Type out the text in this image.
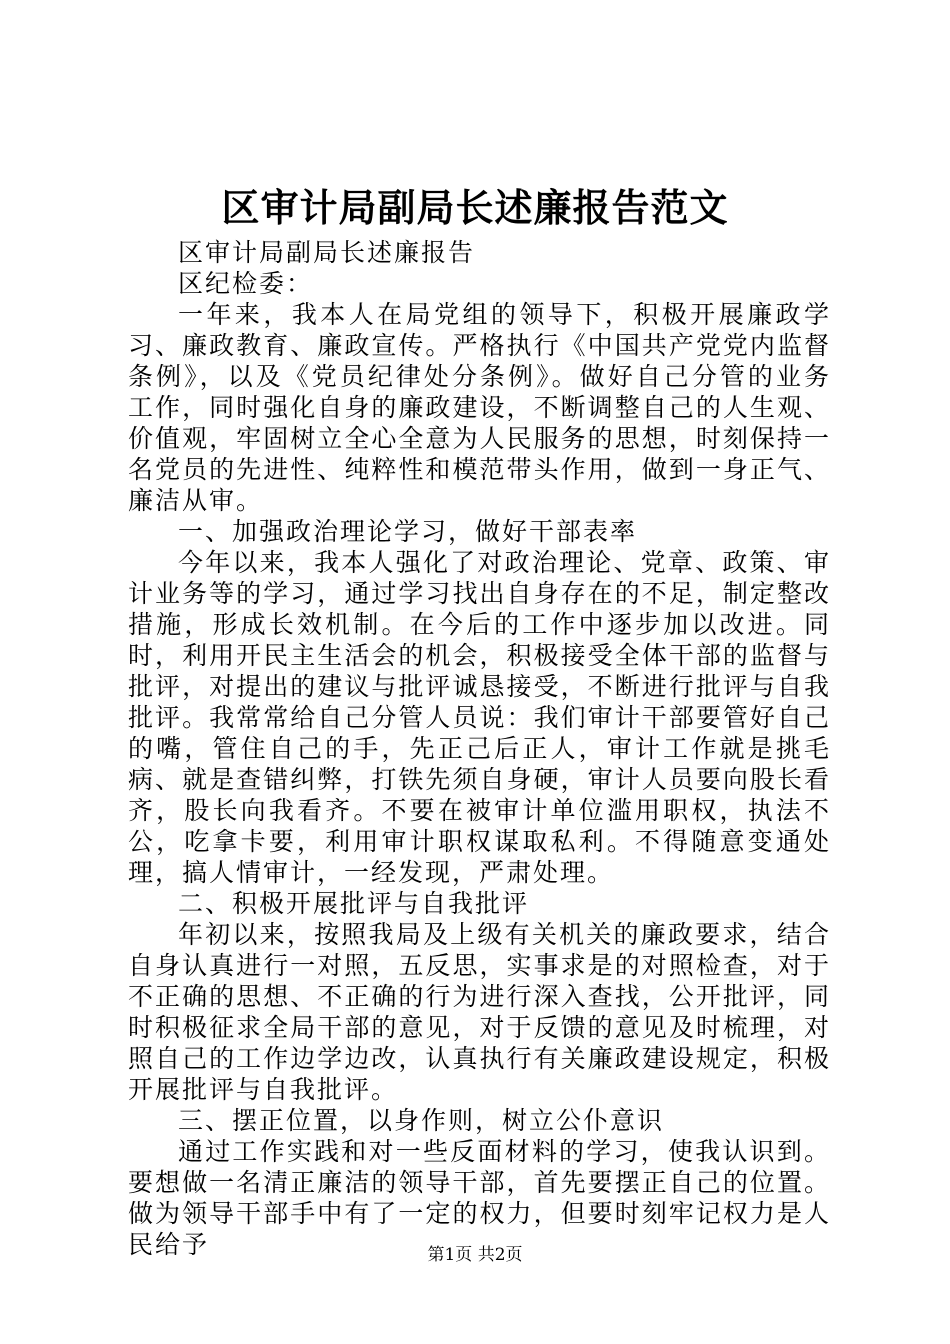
区审计局副局长述廉报告范文

区审计局副局长述廉报告

区纪检委：

一年来，我本人在局党组的领导下，积极开展廉政学习、廉政教育、廉政宣传。严格执行《中国共产党党内监督条例》，以及《党员纪律处分条例》。做好自己分管的业务工作，同时强化自身的廉政建设，不断调整自己的人生观、价值观，牢固树立全心全意为人民服务的思想，时刻保持一名党员的先进性、纯粹性和模范带头作用，做到一身正气、廉洁从审。

一、加强政治理论学习，做好干部表率

今年以来，我本人强化了对政治理论、党章、政策、审计业务等的学习，通过学习找出自身存在的不足，制定整改措施，形成长效机制。在今后的工作中逐步加以改进。同时，利用开民主生活会的机会，积极接受全体干部的监督与批评，对提出的建议与批评诚恳接受，不断进行批评与自我批评。我常常给自己分管人员说：我们审计干部要管好自己的嘴，管住自己的手，先正己后正人，审计工作就是挑毛病、就是查错纠弊，打铁先须自身硬，审计人员要向股长看齐，股长向我看齐。不要在被审计单位滥用职权，执法不公，吃拿卡要，利用审计职权谋取私利。不得随意变通处理，搞人情审计，一经发现，严肃处理。

二、积极开展批评与自我批评

年初以来，按照我局及上级有关机关的廉政要求，结合自身认真进行一对照，五反思，实事求是的对照检查，对于不正确的思想、不正确的行为进行深入查找，公开批评，同时积极征求全局干部的意见，对于反馈的意见及时梳理，对照自己的工作边学边改，认真执行有关廉政建设规定，积极开展批评与自我批评。

三、摆正位置，以身作则，树立公仆意识

通过工作实践和对一些反面材料的学习，使我认识到。要想做一名清正廉洁的领导干部，首先要摆正自己的位置。做为领导干部手中有了一定的权力，但要时刻牢记权力是人民给予	第1页 共2页
